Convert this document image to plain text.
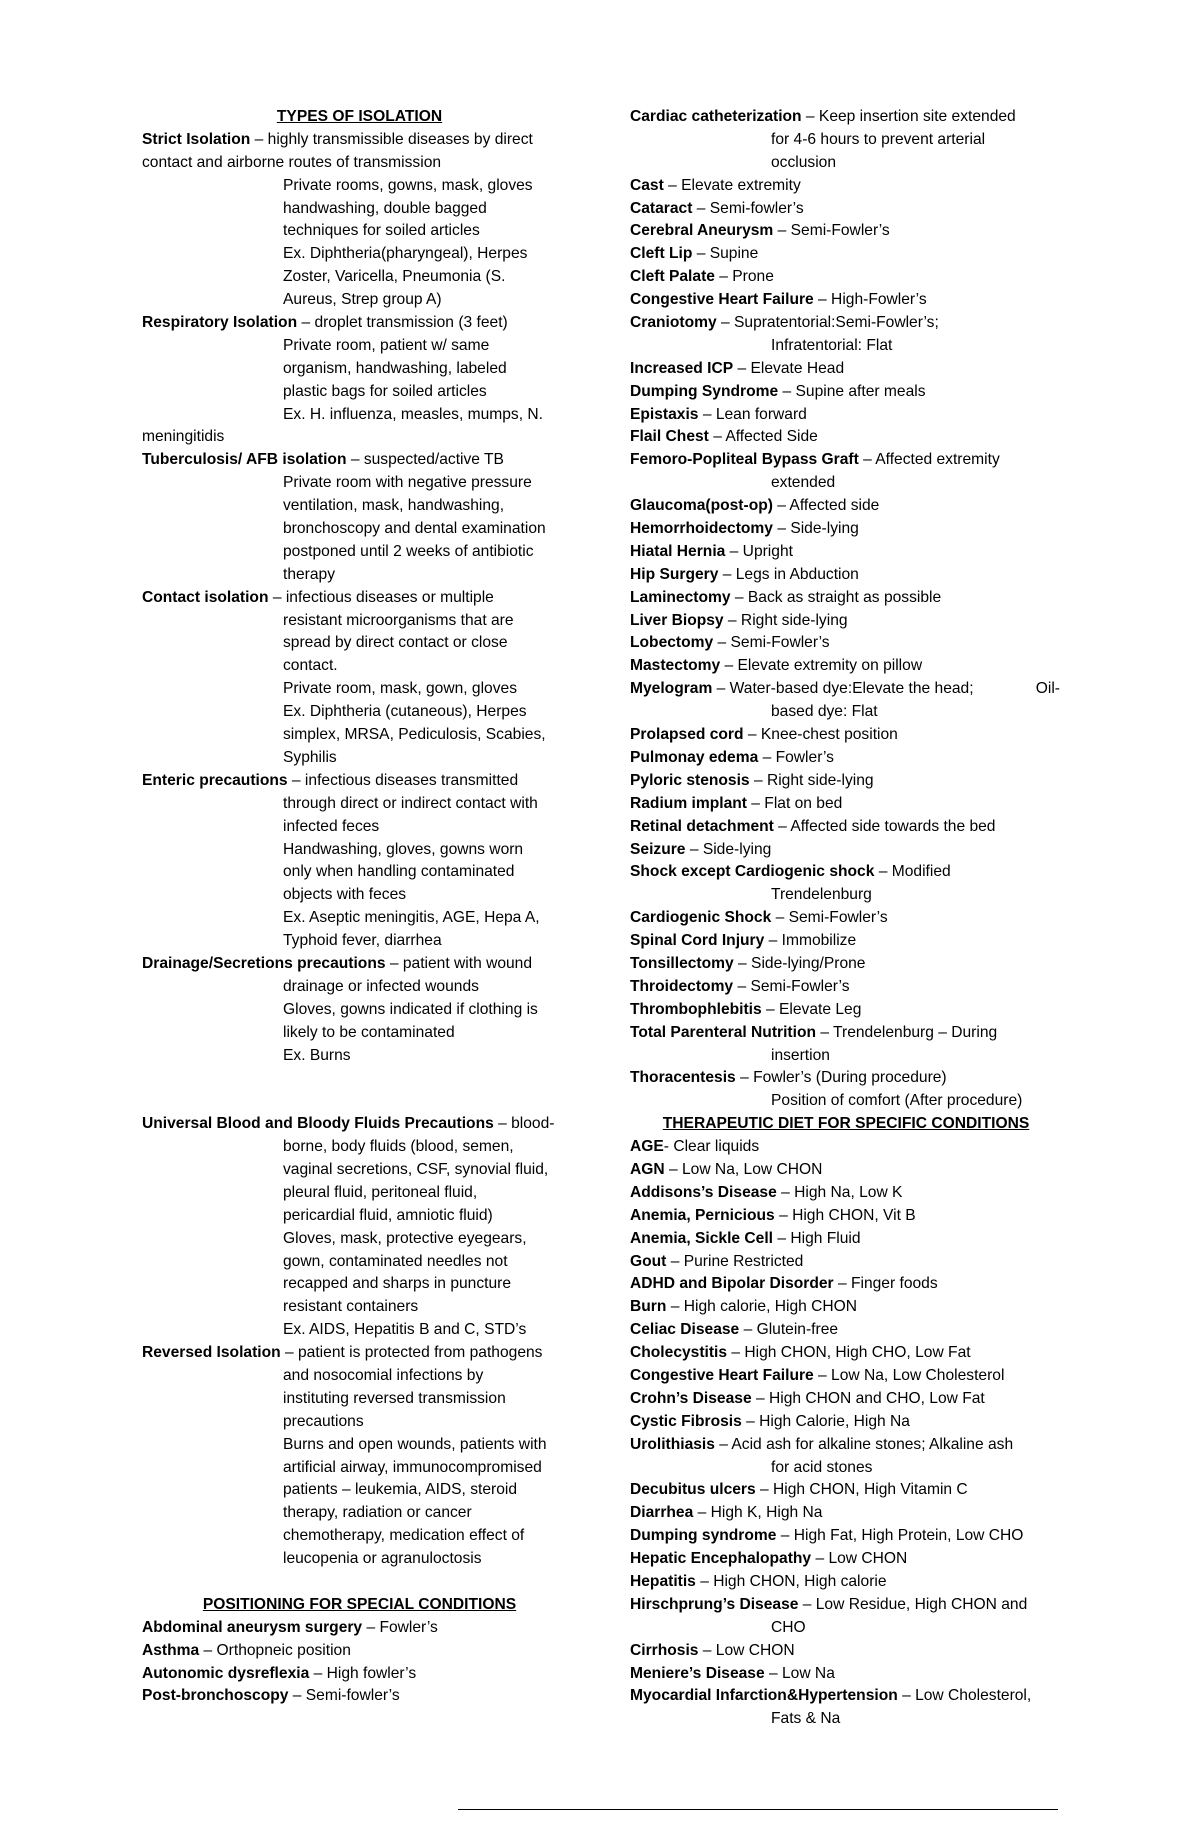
TYPES OF ISOLATION
Strict Isolation – highly transmissible diseases by direct
contact and airborne routes of transmission
Private rooms, gowns, mask, gloves
handwashing, double bagged
techniques for soiled articles
Ex. Diphtheria(pharyngeal), Herpes
Zoster, Varicella, Pneumonia (S.
Aureus, Strep group A)
Respiratory Isolation – droplet transmission (3 feet)
Private room, patient w/ same
organism, handwashing, labeled
plastic bags for soiled articles
Ex. H. influenza, measles, mumps, N.
meningitidis
Tuberculosis/ AFB isolation – suspected/active TB
Private room with negative pressure
ventilation, mask, handwashing,
bronchoscopy and dental examination
postponed until 2 weeks of antibiotic
therapy
Contact isolation – infectious diseases or multiple
resistant microorganisms that are
spread by direct contact or close
contact.
Private room, mask, gown, gloves
Ex. Diphtheria (cutaneous), Herpes
simplex, MRSA, Pediculosis, Scabies,
Syphilis
Enteric precautions – infectious diseases transmitted
through direct or indirect contact with
infected feces
Handwashing, gloves, gowns worn
only when handling contaminated
objects with feces
Ex. Aseptic meningitis, AGE, Hepa A,
Typhoid fever, diarrhea
Drainage/Secretions precautions – patient with wound
drainage or infected wounds
Gloves, gowns indicated if clothing is
likely to be contaminated
Ex. Burns
Universal Blood and Bloody Fluids Precautions – blood-
borne, body fluids (blood, semen,
vaginal secretions, CSF, synovial fluid,
pleural fluid, peritoneal fluid,
pericardial fluid, amniotic fluid)
Gloves, mask, protective eyegears,
gown, contaminated needles not
recapped and sharps in puncture
resistant containers
Ex. AIDS, Hepatitis B and C, STD’s
Reversed Isolation – patient is protected from pathogens
and nosocomial infections by
instituting reversed transmission
precautions
Burns and open wounds, patients with
artificial airway, immunocompromised
patients – leukemia, AIDS, steroid
therapy, radiation or cancer
chemotherapy, medication effect of
leucopenia or agranuloctosis
POSITIONING FOR SPECIAL CONDITIONS
Abdominal aneurysm surgery – Fowler’s
Asthma – Orthopneic position
Autonomic dysreflexia – High fowler’s
Post-bronchoscopy – Semi-fowler’s
Cardiac catheterization – Keep insertion site extended
for 4-6 hours to prevent arterial
occlusion
Cast – Elevate extremity
Cataract – Semi-fowler’s
Cerebral Aneurysm – Semi-Fowler’s
Cleft Lip – Supine
Cleft Palate – Prone
Congestive Heart Failure – High-Fowler’s
Craniotomy – Supratentorial:Semi-Fowler’s;
Infratentorial: Flat
Increased ICP – Elevate Head
Dumping Syndrome – Supine after meals
Epistaxis – Lean forward
Flail Chest – Affected Side
Femoro-Popliteal Bypass Graft – Affected extremity
extended
Glaucoma(post-op) – Affected side
Hemorrhoidectomy – Side-lying
Hiatal Hernia – Upright
Hip Surgery – Legs in Abduction
Laminectomy – Back as straight as possible
Liver Biopsy – Right side-lying
Lobectomy – Semi-Fowler’s
Mastectomy – Elevate extremity on pillow
Myelogram – Water-based dye:Elevate the head;	Oil-
based dye: Flat
Prolapsed cord – Knee-chest position
Pulmonay edema – Fowler’s
Pyloric stenosis – Right side-lying
Radium implant – Flat on bed
Retinal detachment – Affected side towards the bed
Seizure – Side-lying
Shock except Cardiogenic shock – Modified
Trendelenburg
Cardiogenic Shock – Semi-Fowler’s
Spinal Cord Injury – Immobilize
Tonsillectomy – Side-lying/Prone
Throidectomy – Semi-Fowler’s
Thrombophlebitis – Elevate Leg
Total Parenteral Nutrition – Trendelenburg – During
insertion
Thoracentesis – Fowler’s (During procedure)
Position of comfort (After procedure)
THERAPEUTIC DIET FOR SPECIFIC CONDITIONS
AGE- Clear liquids
AGN – Low Na, Low CHON
Addisons’s Disease – High Na, Low K
Anemia, Pernicious – High CHON, Vit B
Anemia, Sickle Cell – High Fluid
Gout – Purine Restricted
ADHD and Bipolar Disorder – Finger foods
Burn – High calorie, High CHON
Celiac Disease – Glutein-free
Cholecystitis – High CHON, High CHO, Low Fat
Congestive Heart Failure – Low Na, Low Cholesterol
Crohn’s Disease – High CHON and CHO, Low Fat
Cystic Fibrosis – High Calorie, High Na
Urolithiasis – Acid ash for alkaline stones; Alkaline ash
for acid stones
Decubitus ulcers – High CHON, High Vitamin C
Diarrhea – High K, High Na
Dumping syndrome – High Fat, High Protein, Low CHO
Hepatic Encephalopathy – Low CHON
Hepatitis – High CHON, High calorie
Hirschprung’s Disease – Low Residue, High CHON and
CHO
Cirrhosis – Low CHON
Meniere’s Disease – Low Na
Myocardial Infarction&Hypertension – Low Cholesterol,
Fats & Na
